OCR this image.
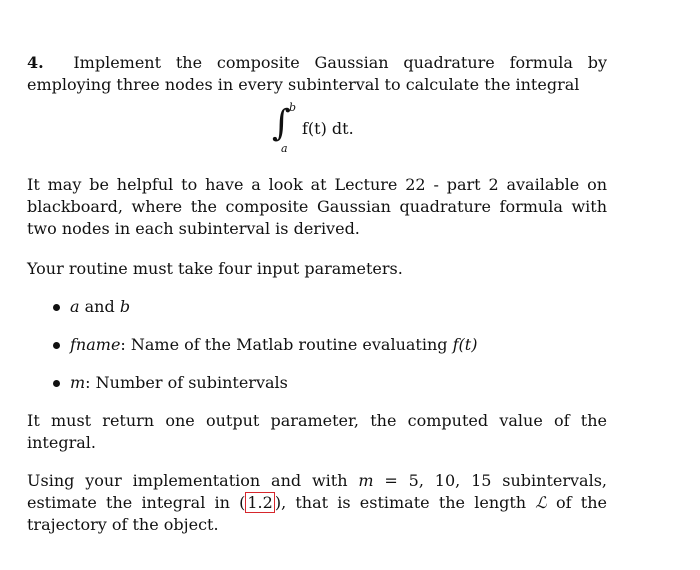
4. Implement the composite Gaussian quadrature formula by employing three nodes in every subinterval to calculate the integral

∫
b
a
f(t) dt.

It may be helpful to have a look at Lecture 22 - part 2 available on blackboard, where the composite Gaussian quadrature formula with two nodes in each subinterval is derived.

Your routine must take four input parameters.

a and b
fname: Name of the Matlab routine evaluating f(t)
m: Number of subintervals

It must return one output parameter, the computed value of the integral.

Using your implementation and with m = 5, 10, 15 subintervals, estimate the integral in ( 1.2 ), that is estimate the length ℒ of the trajectory of the object.
